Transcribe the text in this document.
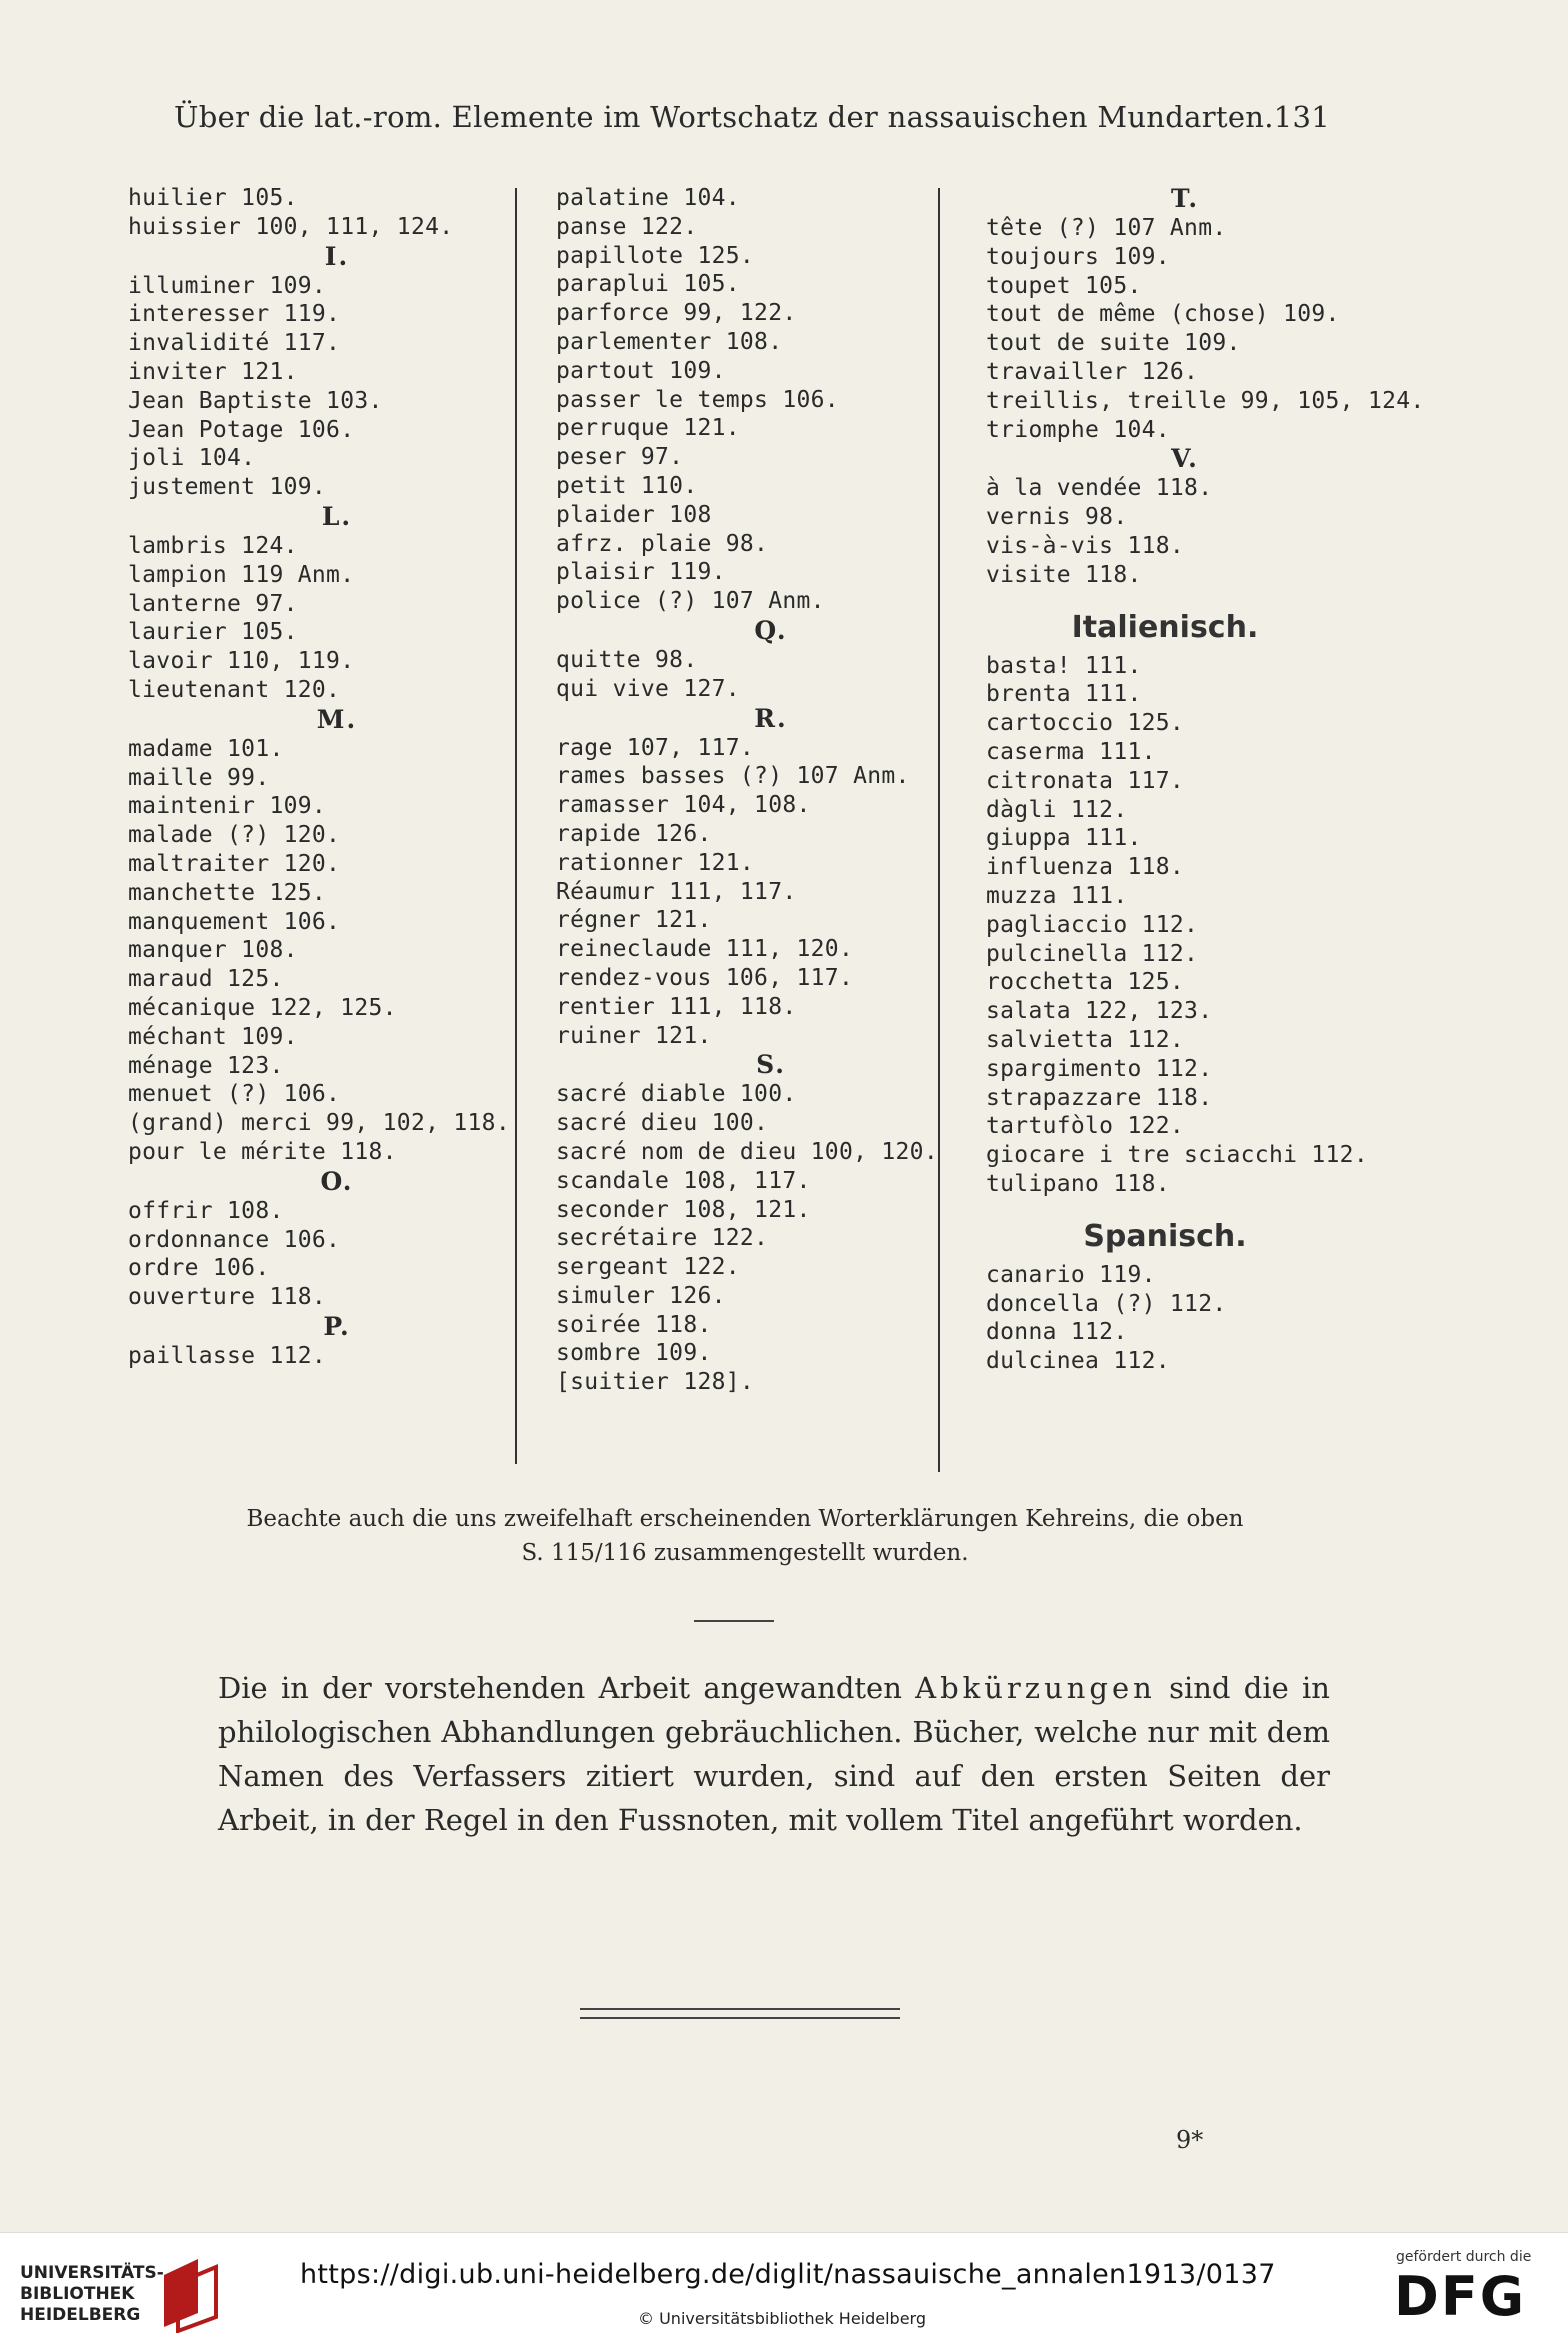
Über die lat.-rom. Elemente im Wortschatz der nassauischen Mundarten. 131
huilier 105.
huissier 100, 111, 124.
I.
illuminer 109.
interesser 119.
invalidité 117.
inviter 121.
Jean Baptiste 103.
Jean Potage 106.
joli 104.
justement 109.
L.
lambris 124.
lampion 119 Anm.
lanterne 97.
laurier 105.
lavoir 110, 119.
lieutenant 120.
M.
madame 101.
maille 99.
maintenir 109.
malade (?) 120.
maltraiter 120.
manchette 125.
manquement 106.
manquer 108.
maraud 125.
mécanique 122, 125.
méchant 109.
ménage 123.
menuet (?) 106.
(grand) merci 99, 102, 118.
pour le mérite 118.
O.
offrir 108.
ordonnance 106.
ordre 106.
ouverture 118.
P.
paillasse 112.
palatine 104.
panse 122.
papillote 125.
paraplui 105.
parforce 99, 122.
parlementer 108.
partout 109.
passer le temps 106.
perruque 121.
peser 97.
petit 110.
plaider 108
afrz. plaie 98.
plaisir 119.
police (?) 107 Anm.
Q.
quitte 98.
qui vive 127.
R.
rage 107, 117.
rames basses (?) 107 Anm.
ramasser 104, 108.
rapide 126.
rationner 121.
Réaumur 111, 117.
régner 121.
reineclaude 111, 120.
rendez-vous 106, 117.
rentier 111, 118.
ruiner 121.
S.
sacré diable 100.
sacré dieu 100.
sacré nom de dieu 100, 120.
scandale 108, 117.
seconder 108, 121.
secrétaire 122.
sergeant 122.
simuler 126.
soirée 118.
sombre 109.
[suitier 128].
T.
tête (?) 107 Anm.
toujours 109.
toupet 105.
tout de même (chose) 109.
tout de suite 109.
travailler 126.
treillis, treille 99, 105, 124.
triomphe 104.
V.
à la vendée 118.
vernis 98.
vis-à-vis 118.
visite 118.
Italienisch.
basta! 111.
brenta 111.
cartoccio 125.
caserma 111.
citronata 117.
dàgli 112.
giuppa 111.
influenza 118.
muzza 111.
pagliaccio 112.
pulcinella 112.
rocchetta 125.
salata 122, 123.
salvietta 112.
spargimento 112.
strapazzare 118.
tartufòlo 122.
giocare i tre sciacchi 112.
tulipano 118.
Spanisch.
canario 119.
doncella (?) 112.
donna 112.
dulcinea 112.
Beachte auch die uns zweifelhaft erscheinenden Worterklärungen Kehreins, die oben
S. 115/116 zusammengestellt wurden.
Die in der vorstehenden Arbeit angewandten Abkürzungen sind die in philologischen Abhandlungen gebräuchlichen. Bücher, welche nur mit dem Namen des Verfassers zitiert wurden, sind auf den ersten Seiten der Arbeit, in der Regel in den Fussnoten, mit vollem Titel angeführt worden.
9*
UNIVERSITÄTS-
BIBLIOTHEK
HEIDELBERG
https://digi.ub.uni-heidelberg.de/diglit/nassauische_annalen1913/0137
© Universitätsbibliothek Heidelberg
gefördert durch die
DFG
